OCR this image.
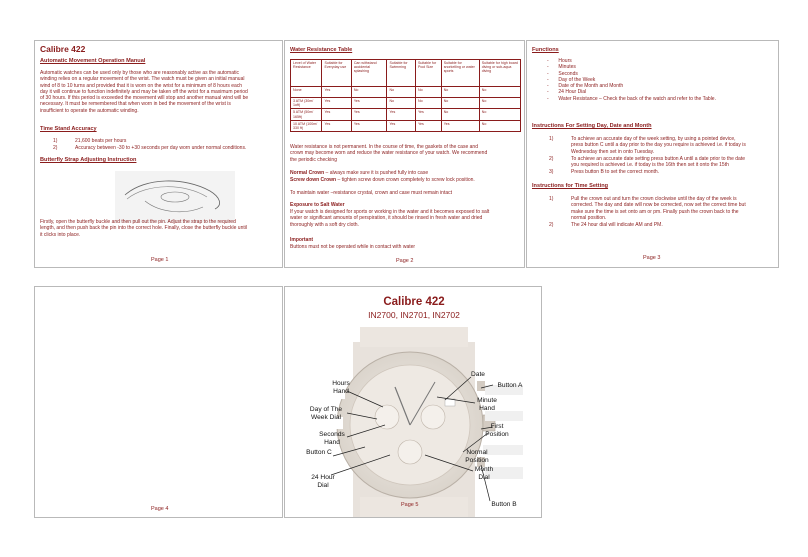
Calibre 422
Automatic Movement Operation Manual
Automatic watches can be used only by those who are reasonably active as the automatic
winding relies on a regular movement of the wrist. The watch must be given an initial manual
wind of 8 to 10 turns and provided that it is worn on the wrist for a minimum of 8 hours each
day it will continue to function indefinitely and may be taken off the wrist for a maximum period
of 30 hours. If this period is exceeded the movement will stop and another manual wind will be
necessary. It must be remembered that when worn in bed the movement of the wrist is
insufficient to operate the automatic winding.
Time Stand Accuracy
1)	21,600 beats per hours
2)	Accuracy between -30 to +30 seconds per day worn under normal conditions.
Butterfly Strap Adjusting Instruction
Firstly, open the butterfly buckle and then pull out the pin. Adjust the strap to the required
length, and then push back the pin into the correct hole. Finally, close the butterfly buckle until
it clicks into place.
Page 1
Water Resistance Table
Level of Water Resistance	Suitable for Everyday use	Can withstand accidental splashing	Suitable for Swimming	Suitable for Pool Size	Suitable for snorkelling or water sports	Suitable for high board diving or sub-aqua diving
None	Yes	No	No	No	No	No
3 ATM (30m/ 1oft)	Yes	Yes	No	No	No	No
5 ATM (50m/ 165ft)	Yes	Yes	Yes	Yes	No	No
10 ATM (100m/ 330 ft)	Yes	Yes	Yes	Yes	Yes	No
Water resistance is not permanent. In the course of time, the gaskets of the case and
crown may become worn and reduce the water resistance of your watch. We recommend
the periodic checking
Normal Crown – always make sure it is pushed fully into case
Screw down Crown – tighten screw down crown completely to screw lock position.
To maintain water –resistance crystal, crown and case must remain intact
Exposure to Salt Water
If your watch is designed for sports or working in the water and it becomes exposed to salt
water or significant amounts of perspiration, it should be rinsed in fresh water and dried
thoroughly with a soft dry cloth.
Important
Buttons must not be operated while in contact with water
Page 2
Functions
-       Hours
-       Minutes
-       Seconds
-       Day of the Week
-       Date of the Month and Month
-       24 Hour Dial
-       Water Resistance – Check the back of the watch and refer to the Table.
Instructions For Setting Day, Date and Month
1)	To achieve an accurate day of the week setting, by using a pointed device,
press button C until a day prior to the day you require is achieved i.e. if today is
Wednesday then set in onto Tuesday.
2)	To achieve an accurate date setting press button A until a date prior to the date
you required is achieved i.e. if today is the 16th then set it onto the 15th
3)	Press button B to set the correct month.
Instructions for Time Setting
1)	Pull the crown out and turn the crown clockwise until the day of the week is
corrected. The day and date will now be corrected, now set the correct time but
make sure the time is set onto am or pm. Finally push the crown back to the
normal position.
2)	The 24 hour dial will indicate AM and PM.
Page 3
Page 4
Calibre 422
IN2700, IN2701, IN2702
Hours
Hand
Day of The
Week Dial
Seconds
Hand
Button C
24 Hour
Dial
Date
Button A
Minute
Hand
First
Position
Normal
Position
Month
Dial
Button B
Page 5
